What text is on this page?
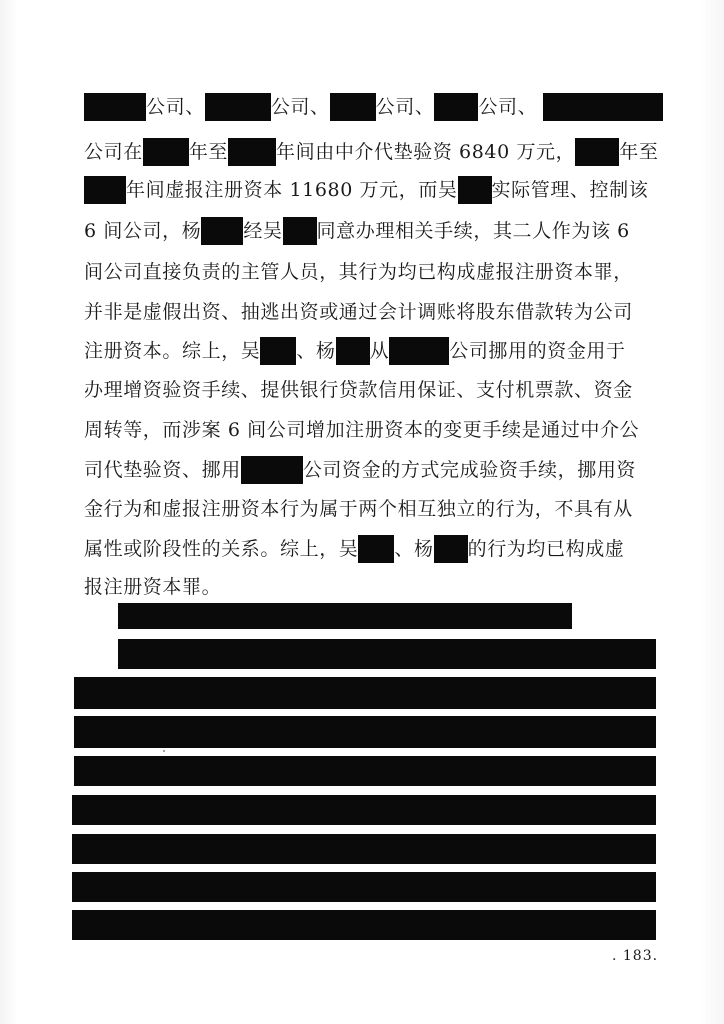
公司、	公司、 公司、 公司、
公司在 年至	年间由中介代垫验资 6840 万元， 年至
年间虚报注册资本 11680 万元，而吴 实际管理、控制该
6 间公司，杨 经吴 同意办理相关手续，其二人作为该 6
间公司直接负责的主管人员，其行为均已构成虚报注册资本罪，
并非是虚假出资、抽逃出资或通过会计调账将股东借款转为公司
注册资本。综上，吴 、杨 从	公司挪用的资金用于
办理增资验资手续、提供银行贷款信用保证、支付机票款、资金
周转等，而涉案 6 间公司增加注册资本的变更手续是通过中介公
司代垫验资、挪用	公司资金的方式完成验资手续，挪用资
金行为和虚报注册资本行为属于两个相互独立的行为，不具有从
属性或阶段性的关系。综上，吴 、杨 的行为均已构成虚
报注册资本罪。
. 183.
